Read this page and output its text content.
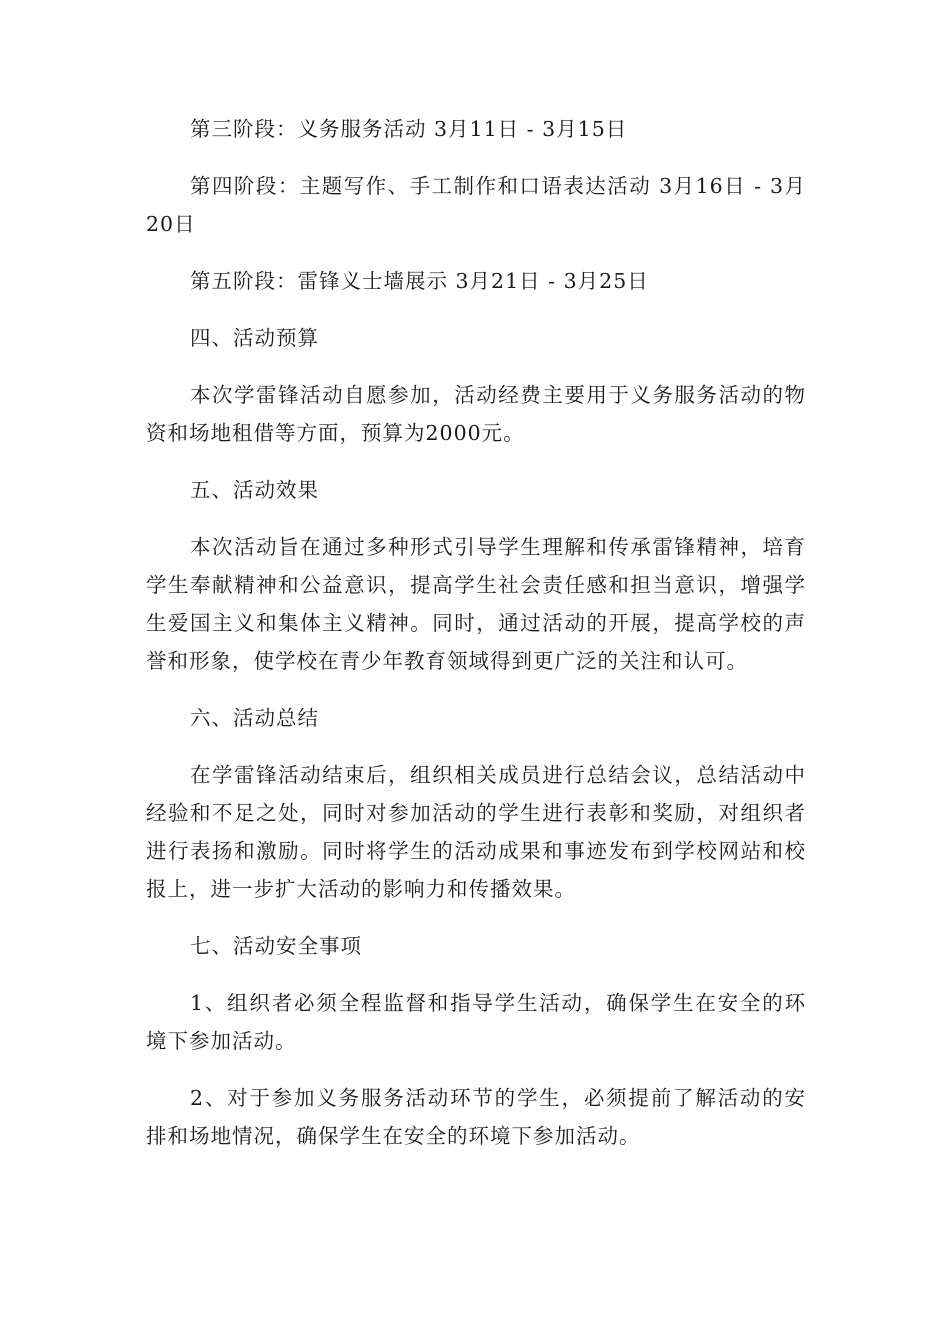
第三阶段：义务服务活动 3月11日 - 3月15日

第四阶段：主题写作、手工制作和口语表达活动 3月16日 - 3月20日

第五阶段：雷锋义士墙展示 3月21日 - 3月25日

四、活动预算

本次学雷锋活动自愿参加，活动经费主要用于义务服务活动的物资和场地租借等方面，预算为2000元。

五、活动效果

本次活动旨在通过多种形式引导学生理解和传承雷锋精神，培育学生奉献精神和公益意识，提高学生社会责任感和担当意识，增强学生爱国主义和集体主义精神。同时，通过活动的开展，提高学校的声誉和形象，使学校在青少年教育领域得到更广泛的关注和认可。

六、活动总结

在学雷锋活动结束后，组织相关成员进行总结会议，总结活动中经验和不足之处，同时对参加活动的学生进行表彰和奖励，对组织者进行表扬和激励。同时将学生的活动成果和事迹发布到学校网站和校报上，进一步扩大活动的影响力和传播效果。

七、活动安全事项

1、组织者必须全程监督和指导学生活动，确保学生在安全的环境下参加活动。

2、对于参加义务服务活动环节的学生，必须提前了解活动的安排和场地情况，确保学生在安全的环境下参加活动。
